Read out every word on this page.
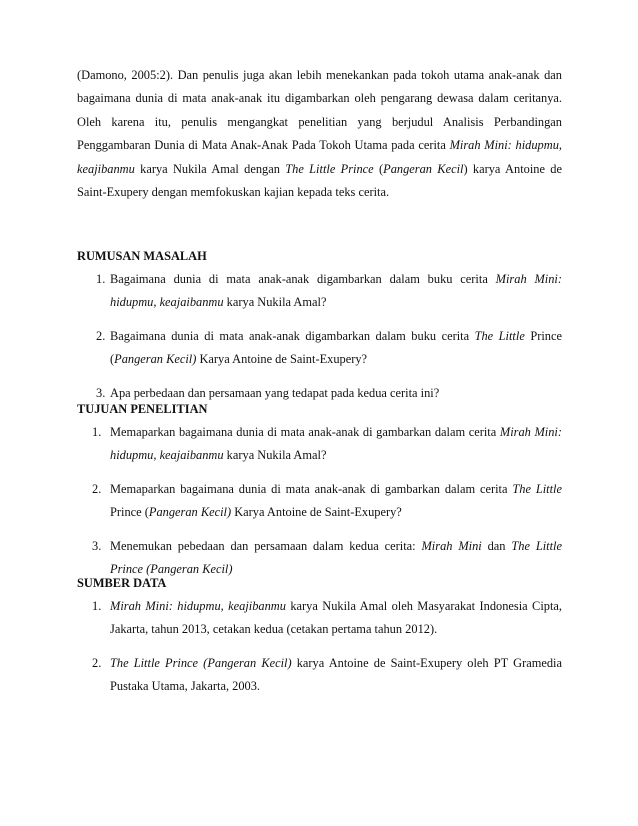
(Damono, 2005:2). Dan penulis juga akan lebih menekankan pada tokoh utama anak-anak dan bagaimana dunia di mata anak-anak itu digambarkan oleh pengarang dewasa dalam ceritanya. Oleh karena itu, penulis mengangkat penelitian yang berjudul Analisis Perbandingan Penggambaran Dunia di Mata Anak-Anak Pada Tokoh Utama pada cerita Mirah Mini: hidupmu, keajibanmu karya Nukila Amal dengan The Little Prince (Pangeran Kecil) karya Antoine de Saint-Exupery dengan memfokuskan kajian kepada teks cerita.

RUMUSAN MASALAH

1. Bagaimana dunia di mata anak-anak digambarkan dalam buku cerita Mirah Mini: hidupmu, keajaibanmu karya Nukila Amal?
2. Bagaimana dunia di mata anak-anak digambarkan dalam buku cerita The Little Prince (Pangeran Kecil) Karya Antoine de Saint-Exupery?
3. Apa perbedaan dan persamaan yang tedapat pada kedua cerita ini?

TUJUAN PENELITIAN

1. Memaparkan bagaimana dunia di mata anak-anak di gambarkan dalam cerita Mirah Mini: hidupmu, keajaibanmu karya Nukila Amal?
2. Memaparkan bagaimana dunia di mata anak-anak di gambarkan dalam cerita The Little Prince (Pangeran Kecil) Karya Antoine de Saint-Exupery?
3. Menemukan pebedaan dan persamaan dalam kedua cerita: Mirah Mini dan The Little Prince (Pangeran Kecil)

SUMBER DATA

1. Mirah Mini: hidupmu, keajibanmu karya Nukila Amal oleh Masyarakat Indonesia Cipta, Jakarta, tahun 2013, cetakan kedua (cetakan pertama tahun 2012).
2. The Little Prince (Pangeran Kecil) karya Antoine de Saint-Exupery oleh PT Gramedia Pustaka Utama, Jakarta, 2003.
